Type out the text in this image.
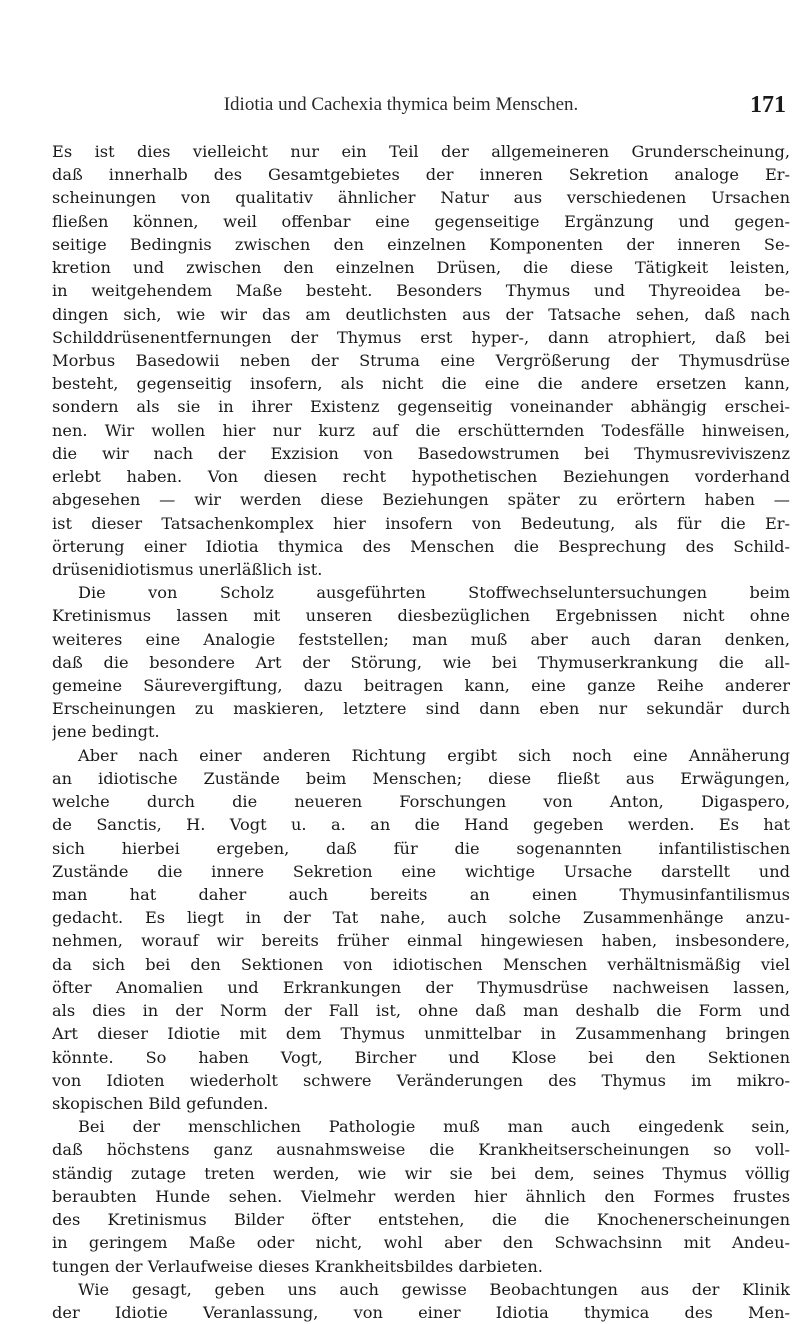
Idiotia und Cachexia thymica beim Menschen.	171
Es ist dies vielleicht nur ein Teil der allgemeineren Grunderscheinung,
daß innerhalb des Gesamtgebietes der inneren Sekretion analoge Er-
scheinungen von qualitativ ähnlicher Natur aus verschiedenen Ursachen
fließen können, weil offenbar eine gegenseitige Ergänzung und gegen-
seitige Bedingnis zwischen den einzelnen Komponenten der inneren Se-
kretion und zwischen den einzelnen Drüsen, die diese Tätigkeit leisten,
in weitgehendem Maße besteht. Besonders Thymus und Thyreoidea be-
dingen sich, wie wir das am deutlichsten aus der Tatsache sehen, daß nach
Schilddrüsenentfernungen der Thymus erst hyper-, dann atrophiert, daß bei
Morbus Basedowii neben der Struma eine Vergrößerung der Thymusdrüse
besteht, gegenseitig insofern, als nicht die eine die andere ersetzen kann,
sondern als sie in ihrer Existenz gegenseitig voneinander abhängig erschei-
nen. Wir wollen hier nur kurz auf die erschütternden Todesfälle hinweisen,
die wir nach der Exzision von Basedowstrumen bei Thymusreviviszenz
erlebt haben. Von diesen recht hypothetischen Beziehungen vorderhand
abgesehen — wir werden diese Beziehungen später zu erörtern haben —
ist dieser Tatsachenkomplex hier insofern von Bedeutung, als für die Er-
örterung einer Idiotia thymica des Menschen die Besprechung des Schild-
drüsenidiotismus unerläßlich ist.
Die von Scholz ausgeführten Stoffwechseluntersuchungen beim
Kretinismus lassen mit unseren diesbezüglichen Ergebnissen nicht ohne
weiteres eine Analogie feststellen; man muß aber auch daran denken,
daß die besondere Art der Störung, wie bei Thymuserkrankung die all-
gemeine Säurevergiftung, dazu beitragen kann, eine ganze Reihe anderer
Erscheinungen zu maskieren, letztere sind dann eben nur sekundär durch
jene bedingt.
Aber nach einer anderen Richtung ergibt sich noch eine Annäherung
an idiotische Zustände beim Menschen; diese fließt aus Erwägungen,
welche durch die neueren Forschungen von Anton, Digaspero,
de Sanctis, H. Vogt u. a. an die Hand gegeben werden. Es hat
sich hierbei ergeben, daß für die sogenannten infantilistischen
Zustände die innere Sekretion eine wichtige Ursache darstellt und
man hat daher auch bereits an einen Thymusinfantilismus
gedacht. Es liegt in der Tat nahe, auch solche Zusammenhänge anzu-
nehmen, worauf wir bereits früher einmal hingewiesen haben, insbesondere,
da sich bei den Sektionen von idiotischen Menschen verhältnismäßig viel
öfter Anomalien und Erkrankungen der Thymusdrüse nachweisen lassen,
als dies in der Norm der Fall ist, ohne daß man deshalb die Form und
Art dieser Idiotie mit dem Thymus unmittelbar in Zusammenhang bringen
könnte. So haben Vogt, Bircher und Klose bei den Sektionen
von Idioten wiederholt schwere Veränderungen des Thymus im mikro-
skopischen Bild gefunden.
Bei der menschlichen Pathologie muß man auch eingedenk sein,
daß höchstens ganz ausnahmsweise die Krankheitserscheinungen so voll-
ständig zutage treten werden, wie wir sie bei dem, seines Thymus völlig
beraubten Hunde sehen. Vielmehr werden hier ähnlich den Formes frustes
des Kretinismus Bilder öfter entstehen, die die Knochenerscheinungen
in geringem Maße oder nicht, wohl aber den Schwachsinn mit Andeu-
tungen der Verlaufweise dieses Krankheitsbildes darbieten.
Wie gesagt, geben uns auch gewisse Beobachtungen aus der Klinik
der Idiotie Veranlassung, von einer Idiotia thymica des Men-
